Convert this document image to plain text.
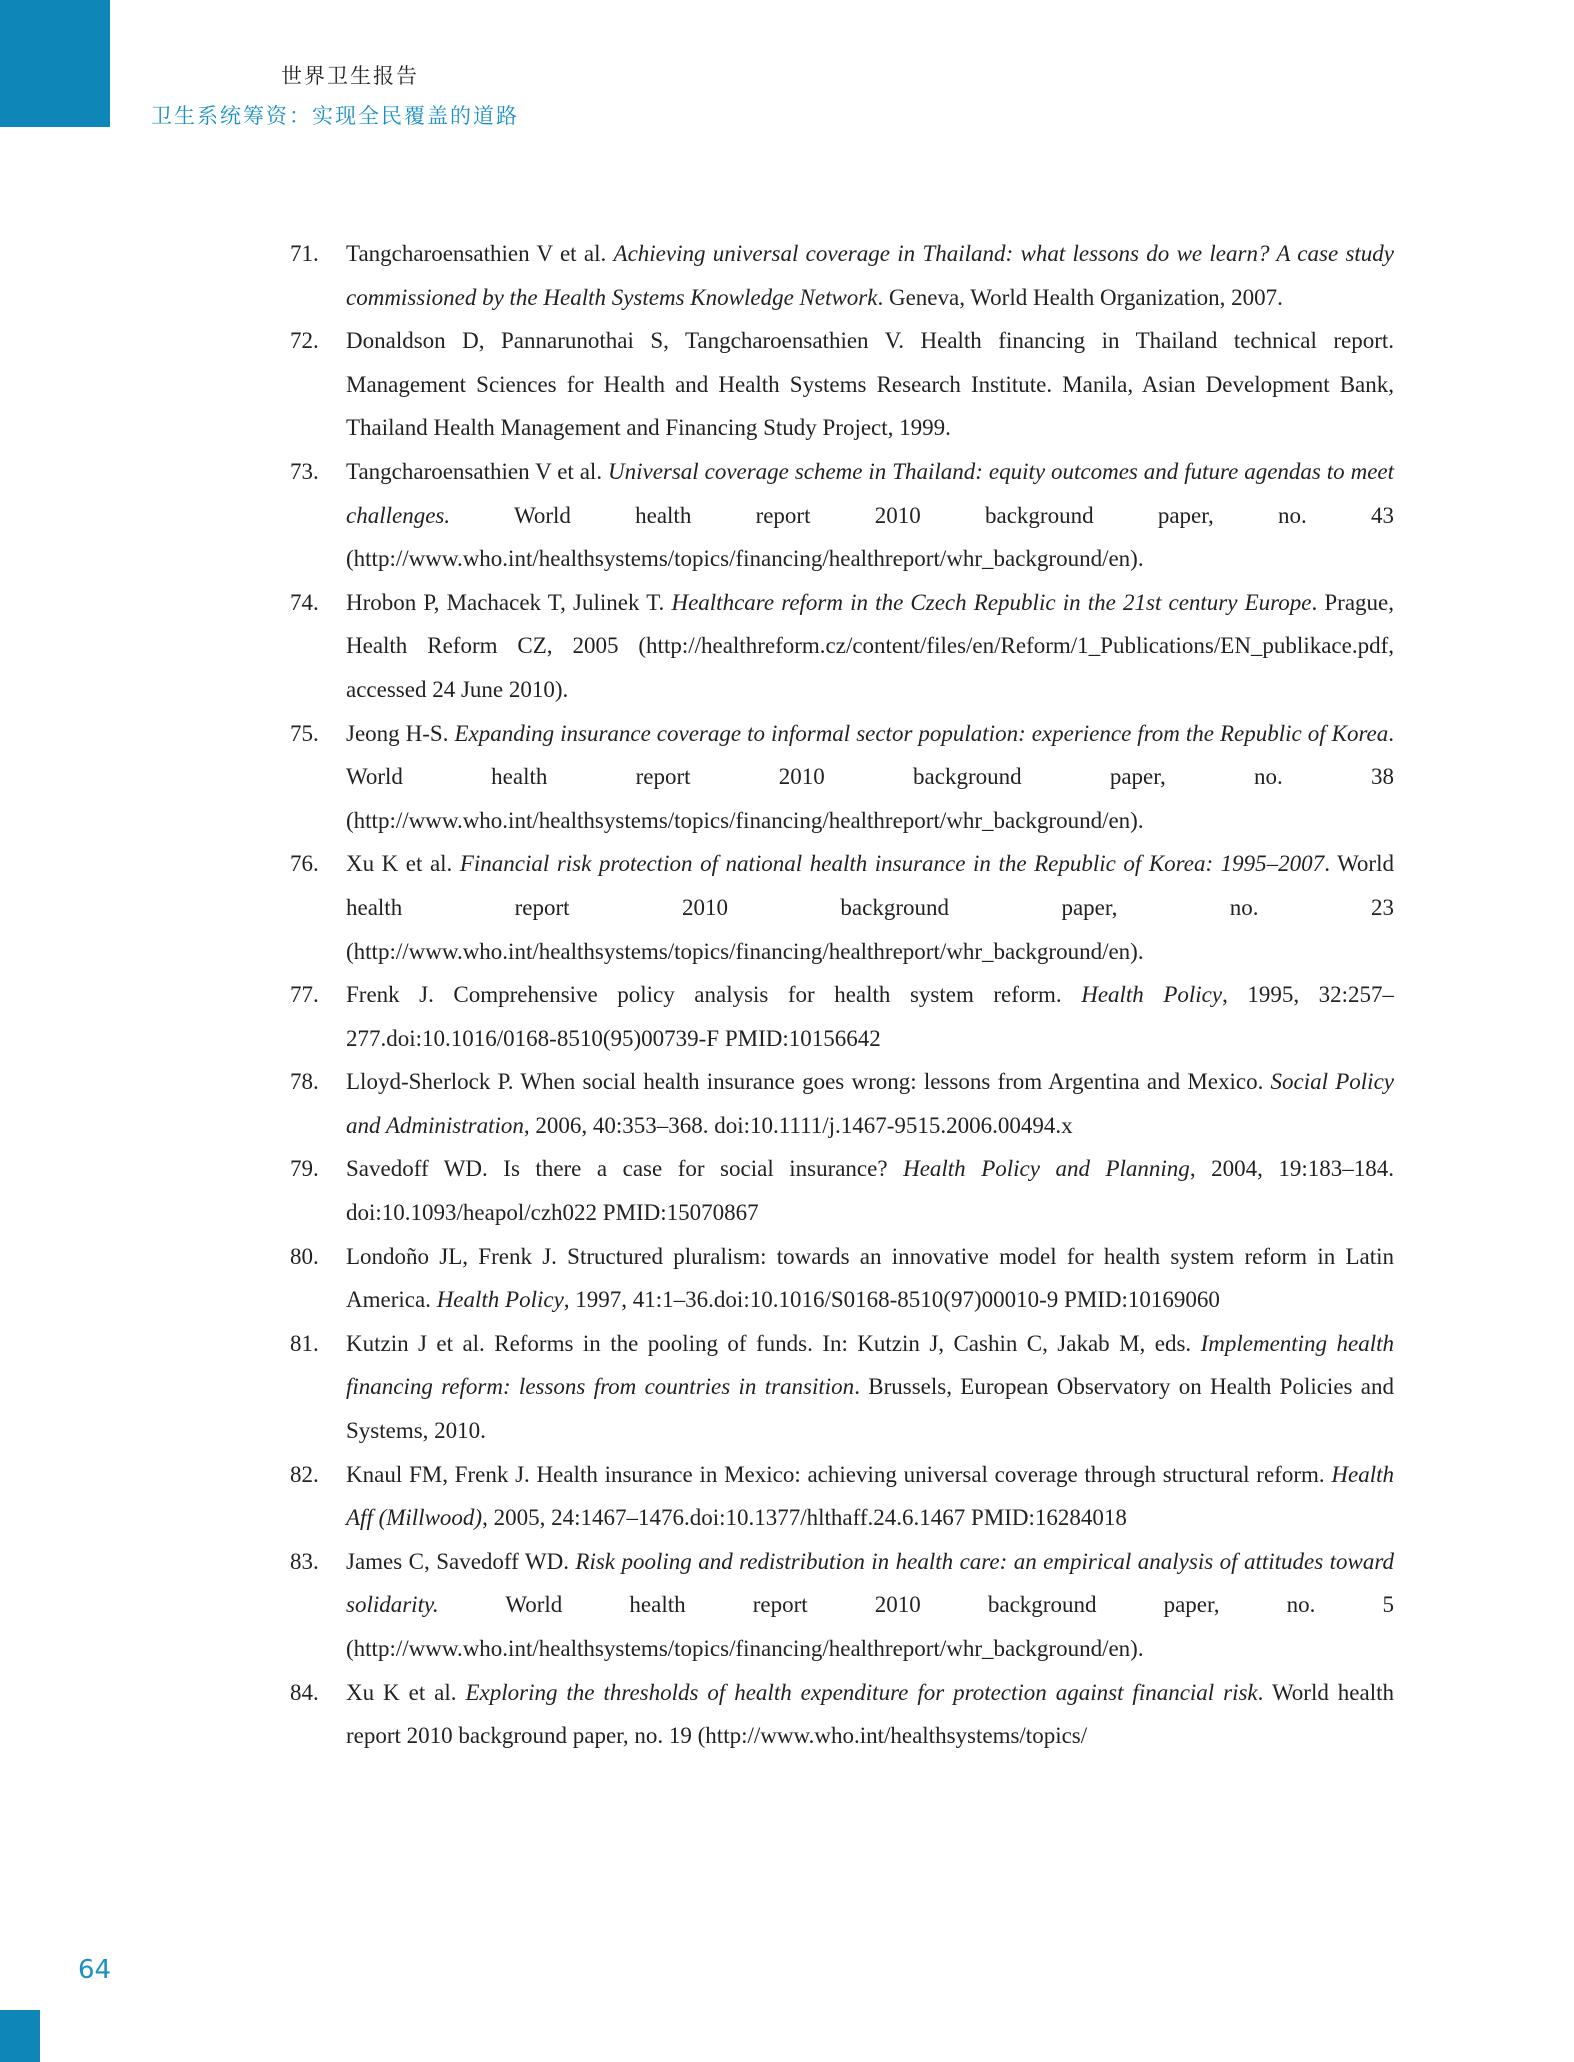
世界卫生报告
卫生系统筹资：实现全民覆盖的道路
71.	Tangcharoensathien V et al. Achieving universal coverage in Thailand: what lessons do we learn? A case study commissioned by the Health Systems Knowledge Network. Geneva, World Health Organization, 2007.
72.	Donaldson D, Pannarunothai S, Tangcharoensathien V. Health financing in Thailand technical report. Management Sciences for Health and Health Systems Research Institute. Manila, Asian Development Bank, Thailand Health Management and Financing Study Project, 1999.
73.	Tangcharoensathien V et al. Universal coverage scheme in Thailand: equity outcomes and future agendas to meet challenges. World health report 2010 background paper, no. 43 (http://www.who.int/healthsystems/topics/financing/healthreport/whr_background/en).
74.	Hrobon P, Machacek T, Julinek T. Healthcare reform in the Czech Republic in the 21st century Europe. Prague, Health Reform CZ, 2005 (http://healthreform.cz/content/files/en/Reform/1_Publications/EN_publikace.pdf, accessed 24 June 2010).
75.	Jeong H-S. Expanding insurance coverage to informal sector population: experience from the Republic of Korea. World health report 2010 background paper, no. 38 (http://www.who.int/healthsystems/topics/financing/healthreport/whr_background/en).
76.	Xu K et al. Financial risk protection of national health insurance in the Republic of Korea: 1995–2007. World health report 2010 background paper, no. 23 (http://www.who.int/healthsystems/topics/financing/healthreport/whr_background/en).
77.	Frenk J. Comprehensive policy analysis for health system reform. Health Policy, 1995, 32:257–277.doi:10.1016/0168-8510(95)00739-F PMID:10156642
78.	Lloyd-Sherlock P. When social health insurance goes wrong: lessons from Argentina and Mexico. Social Policy and Administration, 2006, 40:353–368. doi:10.1111/j.1467-9515.2006.00494.x
79.	Savedoff WD. Is there a case for social insurance? Health Policy and Planning, 2004, 19:183–184. doi:10.1093/heapol/czh022 PMID:15070867
80.	Londoño JL, Frenk J. Structured pluralism: towards an innovative model for health system reform in Latin America. Health Policy, 1997, 41:1–36.doi:10.1016/S0168-8510(97)00010-9 PMID:10169060
81.	Kutzin J et al. Reforms in the pooling of funds. In: Kutzin J, Cashin C, Jakab M, eds. Implementing health financing reform: lessons from countries in transition. Brussels, European Observatory on Health Policies and Systems, 2010.
82.	Knaul FM, Frenk J. Health insurance in Mexico: achieving universal coverage through structural reform. Health Aff (Millwood), 2005, 24:1467–1476.doi:10.1377/hlthaff.24.6.1467 PMID:16284018
83.	James C, Savedoff WD. Risk pooling and redistribution in health care: an empirical analysis of attitudes toward solidarity. World health report 2010 background paper, no. 5 (http://www.who.int/healthsystems/topics/financing/healthreport/whr_background/en).
84.	Xu K et al. Exploring the thresholds of health expenditure for protection against financial risk. World health report 2010 background paper, no. 19 (http://www.who.int/healthsystems/topics/
64
